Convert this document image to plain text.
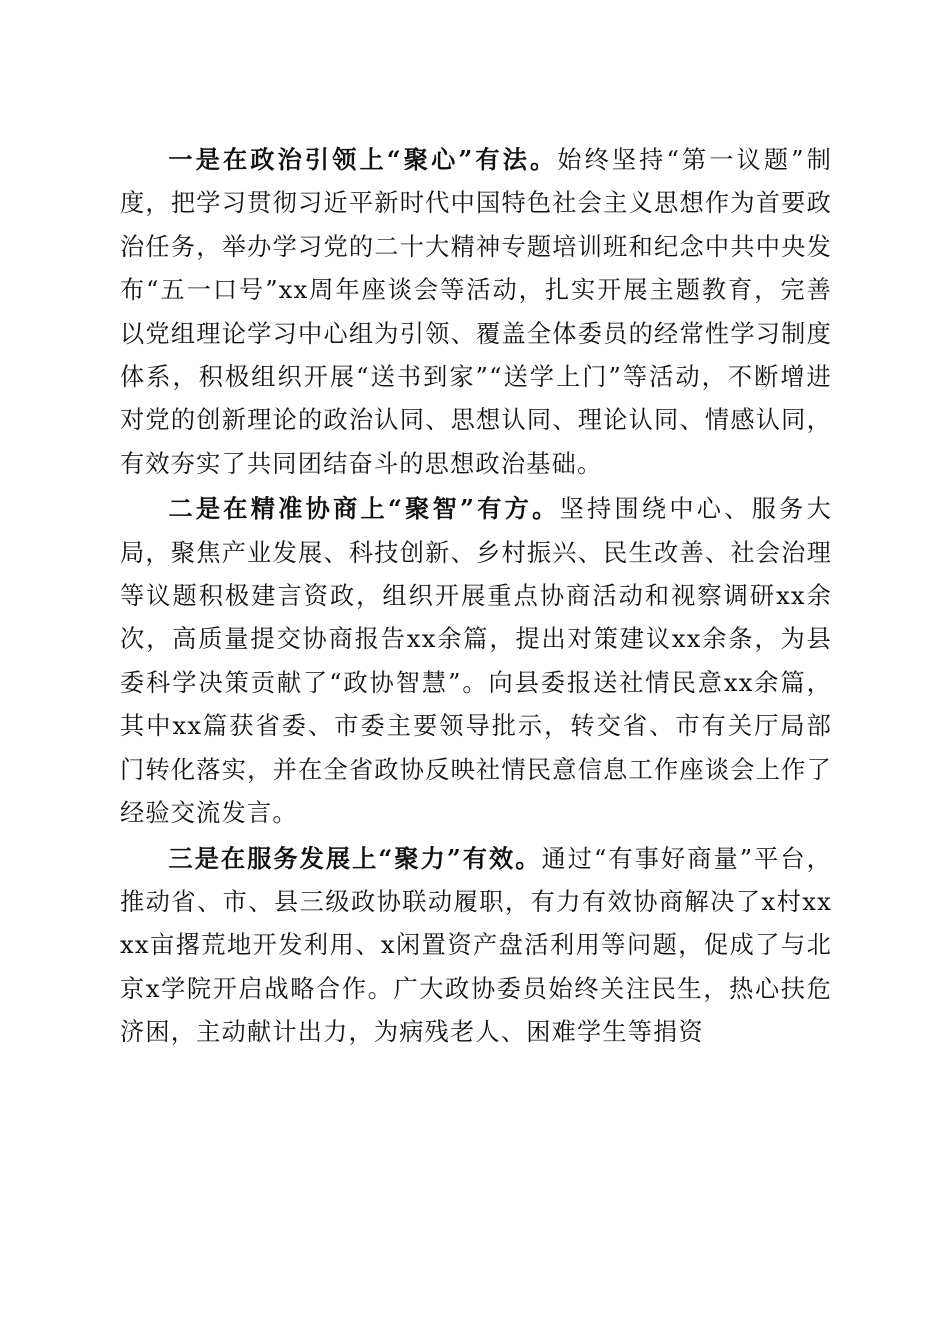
一是在政治引领上“聚心”有法。始终坚持“第一议题”制度，把学习贯彻习近平新时代中国特色社会主义思想作为首要政治任务，举办学习党的二十大精神专题培训班和纪念中共中央发布“五一口号”xx周年座谈会等活动，扎实开展主题教育，完善以党组理论学习中心组为引领、覆盖全体委员的经常性学习制度体系，积极组织开展“送书到家”“送学上门”等活动，不断增进对党的创新理论的政治认同、思想认同、理论认同、情感认同，有效夯实了共同团结奋斗的思想政治基础。

二是在精准协商上“聚智”有方。坚持围绕中心、服务大局，聚焦产业发展、科技创新、乡村振兴、民生改善、社会治理等议题积极建言资政，组织开展重点协商活动和视察调研xx余次，高质量提交协商报告xx余篇，提出对策建议xx余条，为县委科学决策贡献了“政协智慧”。向县委报送社情民意xx余篇，其中xx篇获省委、市委主要领导批示，转交省、市有关厅局部门转化落实，并在全省政协反映社情民意信息工作座谈会上作了经验交流发言。

三是在服务发展上“聚力”有效。通过“有事好商量”平台，推动省、市、县三级政协联动履职，有力有效协商解决了x村xxxx亩撂荒地开发利用、x闲置资产盘活利用等问题，促成了与北京x学院开启战略合作。广大政协委员始终关注民生，热心扶危济困，主动献计出力，为病残老人、困难学生等捐资
